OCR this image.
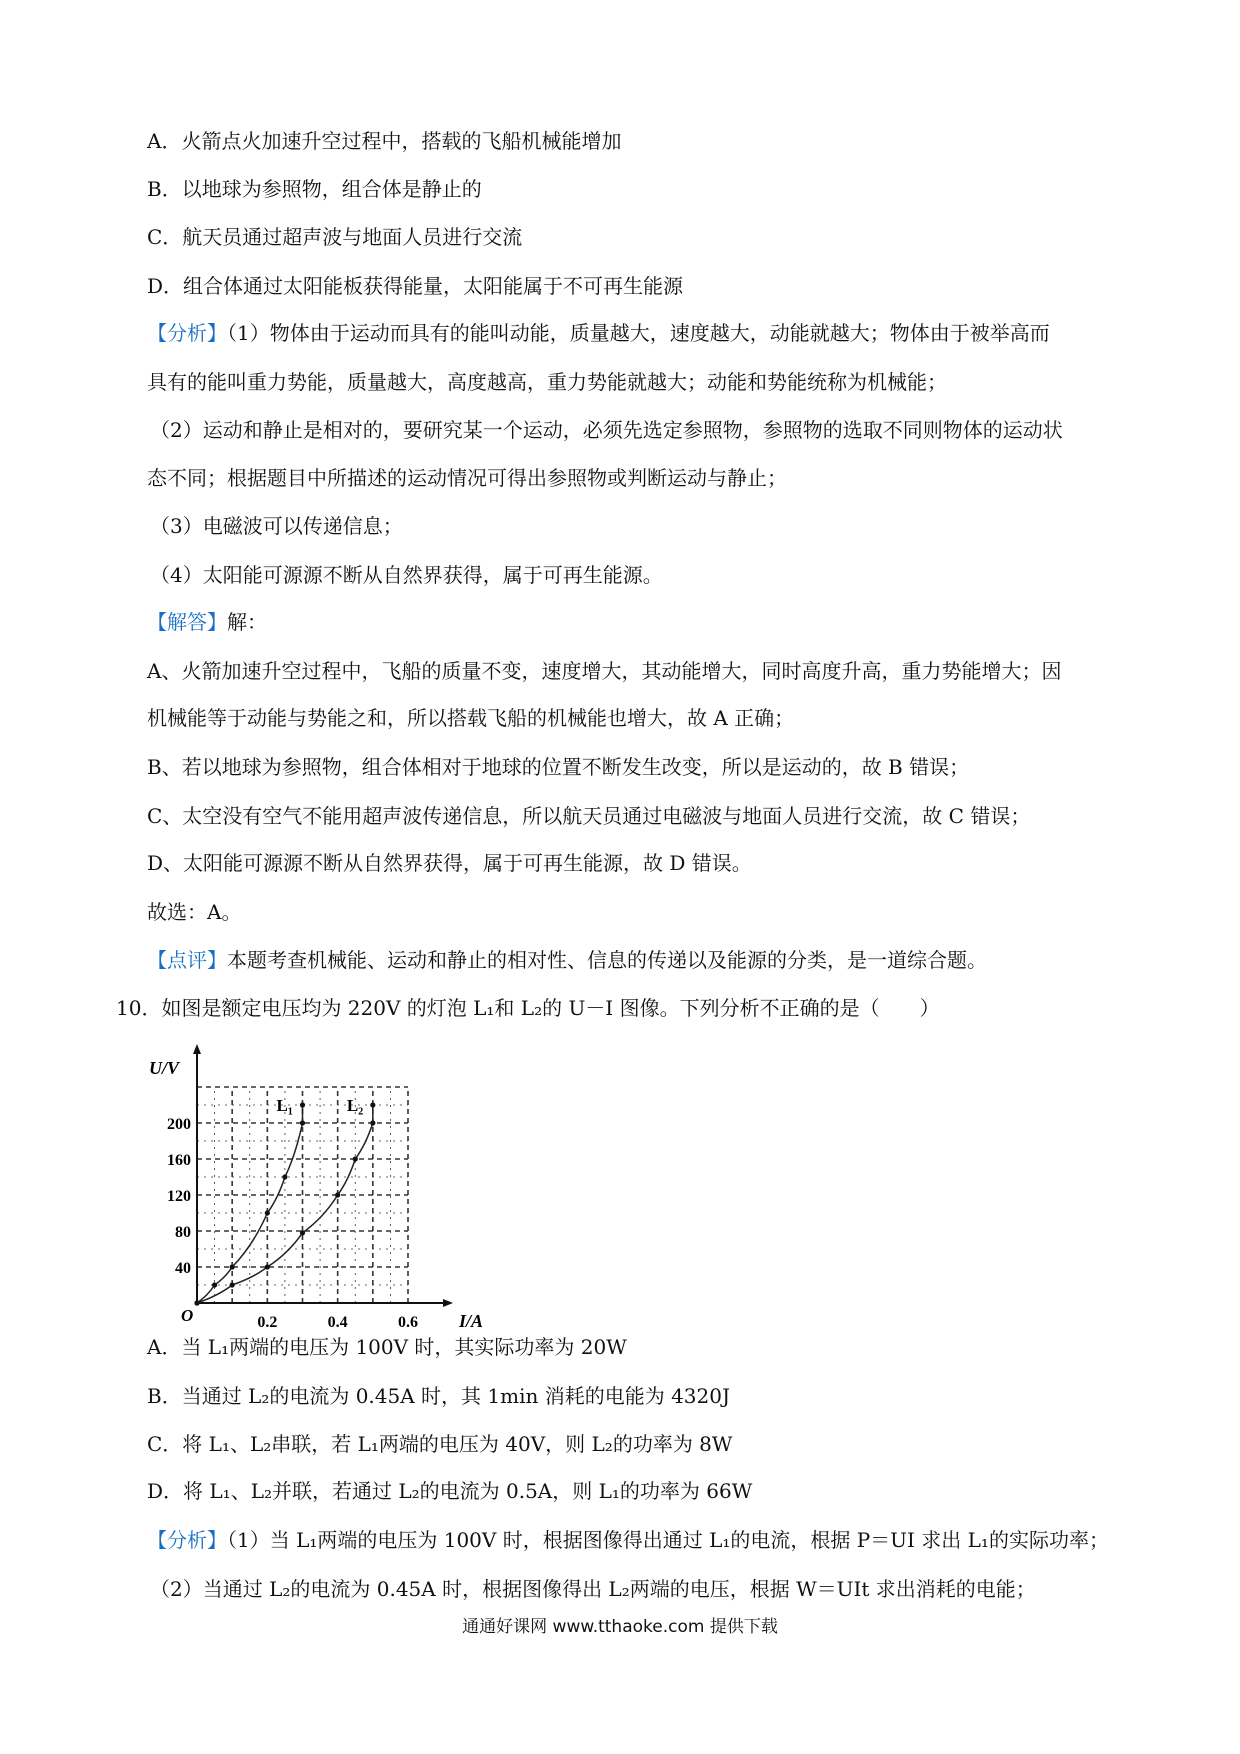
A．火箭点火加速升空过程中，搭载的飞船机械能增加
B．以地球为参照物，组合体是静止的
C．航天员通过超声波与地面人员进行交流
D．组合体通过太阳能板获得能量，太阳能属于不可再生能源
【分析】（1）物体由于运动而具有的能叫动能，质量越大，速度越大，动能就越大；物体由于被举高而
具有的能叫重力势能，质量越大，高度越高，重力势能就越大；动能和势能统称为机械能；
（2）运动和静止是相对的，要研究某一个运动，必须先选定参照物，参照物的选取不同则物体的运动状
态不同；根据题目中所描述的运动情况可得出参照物或判断运动与静止；
（3）电磁波可以传递信息；
（4）太阳能可源源不断从自然界获得，属于可再生能源。
【解答】解：
A、火箭加速升空过程中，飞船的质量不变，速度增大，其动能增大，同时高度升高，重力势能增大；因
机械能等于动能与势能之和，所以搭载飞船的机械能也增大，故 A 正确；
B、若以地球为参照物，组合体相对于地球的位置不断发生改变，所以是运动的，故 B 错误；
C、太空没有空气不能用超声波传递信息，所以航天员通过电磁波与地面人员进行交流，故 C 错误；
D、太阳能可源源不断从自然界获得，属于可再生能源，故 D 错误。
故选：A。
【点评】本题考查机械能、运动和静止的相对性、信息的传递以及能源的分类，是一道综合题。
10．如图是额定电压均为 220V 的灯泡 L₁和 L₂的 U－I 图像。下列分析不正确的是（　　）
U/V
I/A
O
40
80
120
160
200
0.2	0.4	0.6
L₁	L₂
A．当 L₁两端的电压为 100V 时，其实际功率为 20W
B．当通过 L₂的电流为 0.45A 时，其 1min 消耗的电能为 4320J
C．将 L₁、L₂串联，若 L₁两端的电压为 40V，则 L₂的功率为 8W
D．将 L₁、L₂并联，若通过 L₂的电流为 0.5A，则 L₁的功率为 66W
【分析】（1）当 L₁两端的电压为 100V 时，根据图像得出通过 L₁的电流，根据 P＝UI 求出 L₁的实际功率；
（2）当通过 L₂的电流为 0.45A 时，根据图像得出 L₂两端的电压，根据 W＝UIt 求出消耗的电能；
通通好课网 www.tthaoke.com 提供下载
